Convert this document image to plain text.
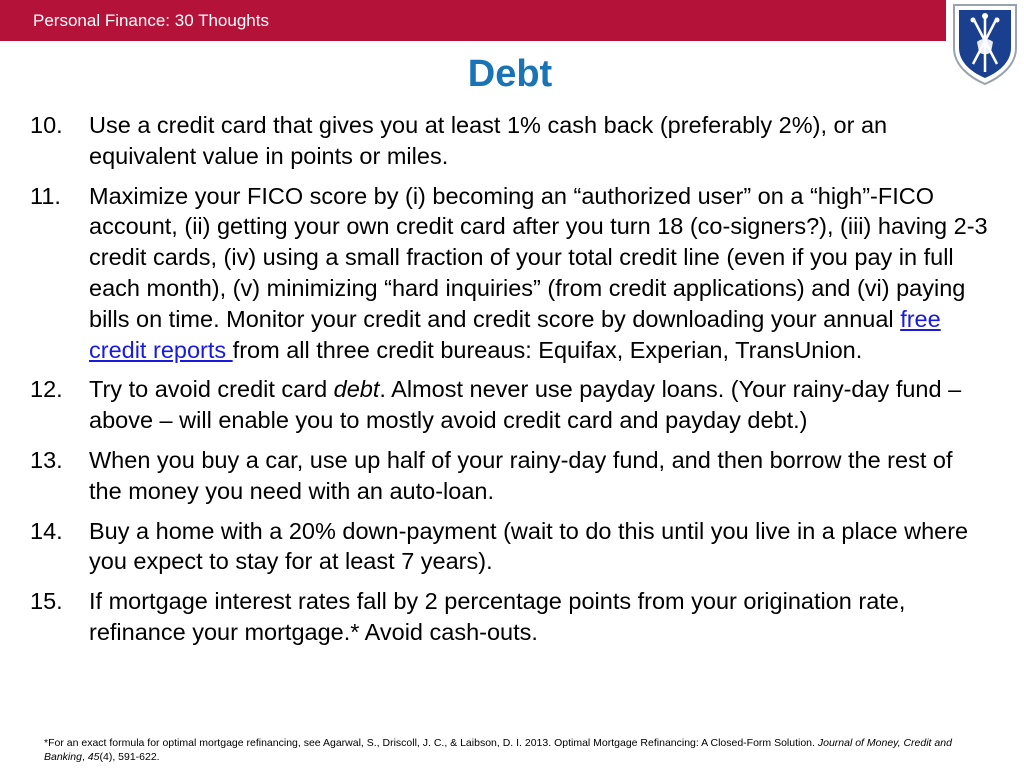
Personal Finance: 30 Thoughts
Debt
10. Use a credit card that gives you at least 1% cash back (preferably 2%), or an equivalent value in points or miles.
11. Maximize your FICO score by (i) becoming an “authorized user” on a “high”-FICO account, (ii) getting your own credit card after you turn 18 (co-signers?), (iii) having 2-3 credit cards, (iv) using a small fraction of your total credit line (even if you pay in full each month), (v) minimizing “hard inquiries” (from credit applications) and (vi) paying bills on time. Monitor your credit and credit score by downloading your annual free credit reports from all three credit bureaus: Equifax, Experian, TransUnion.
12. Try to avoid credit card debt. Almost never use payday loans. (Your rainy-day fund – above – will enable you to mostly avoid credit card and payday debt.)
13. When you buy a car, use up half of your rainy-day fund, and then borrow the rest of the money you need with an auto-loan.
14. Buy a home with a 20% down-payment (wait to do this until you live in a place where you expect to stay for at least 7 years).
15. If mortgage interest rates fall by 2 percentage points from your origination rate, refinance your mortgage.* Avoid cash-outs.
*For an exact formula for optimal mortgage refinancing, see Agarwal, S., Driscoll, J. C., & Laibson, D. I. 2013. Optimal Mortgage Refinancing: A Closed-Form Solution. Journal of Money, Credit and Banking, 45(4), 591-622.
